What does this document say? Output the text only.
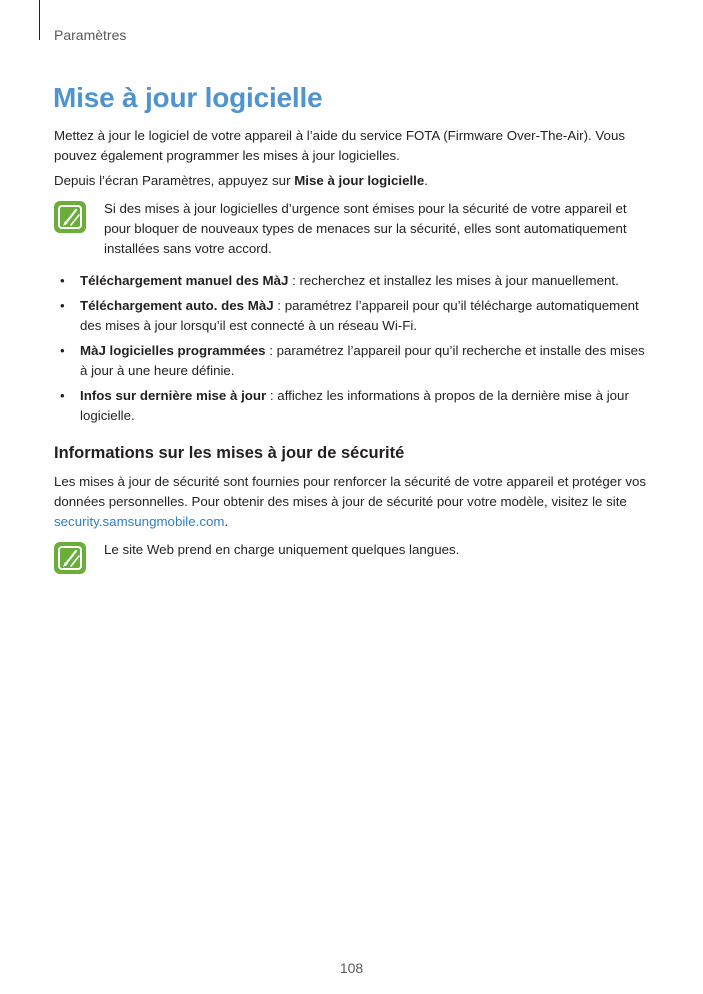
Paramètres
Mise à jour logicielle

Mettez à jour le logiciel de votre appareil à l’aide du service FOTA (Firmware Over-The-Air). Vous pouvez également programmer les mises à jour logicielles.

Depuis l’écran Paramètres, appuyez sur Mise à jour logicielle.

Si des mises à jour logicielles d’urgence sont émises pour la sécurité de votre appareil et pour bloquer de nouveaux types de menaces sur la sécurité, elles sont automatiquement installées sans votre accord.
• Téléchargement manuel des MàJ : recherchez et installez les mises à jour manuellement.
• Téléchargement auto. des MàJ : paramétrez l’appareil pour qu’il télécharge automatiquement des mises à jour lorsqu’il est connecté à un réseau Wi-Fi.
• MàJ logicielles programmées : paramétrez l’appareil pour qu’il recherche et installe des mises à jour à une heure définie.
• Infos sur dernière mise à jour : affichez les informations à propos de la dernière mise à jour logicielle.
Informations sur les mises à jour de sécurité

Les mises à jour de sécurité sont fournies pour renforcer la sécurité de votre appareil et protéger vos données personnelles. Pour obtenir des mises à jour de sécurité pour votre modèle, visitez le site security.samsungmobile.com.

Le site Web prend en charge uniquement quelques langues.
108
